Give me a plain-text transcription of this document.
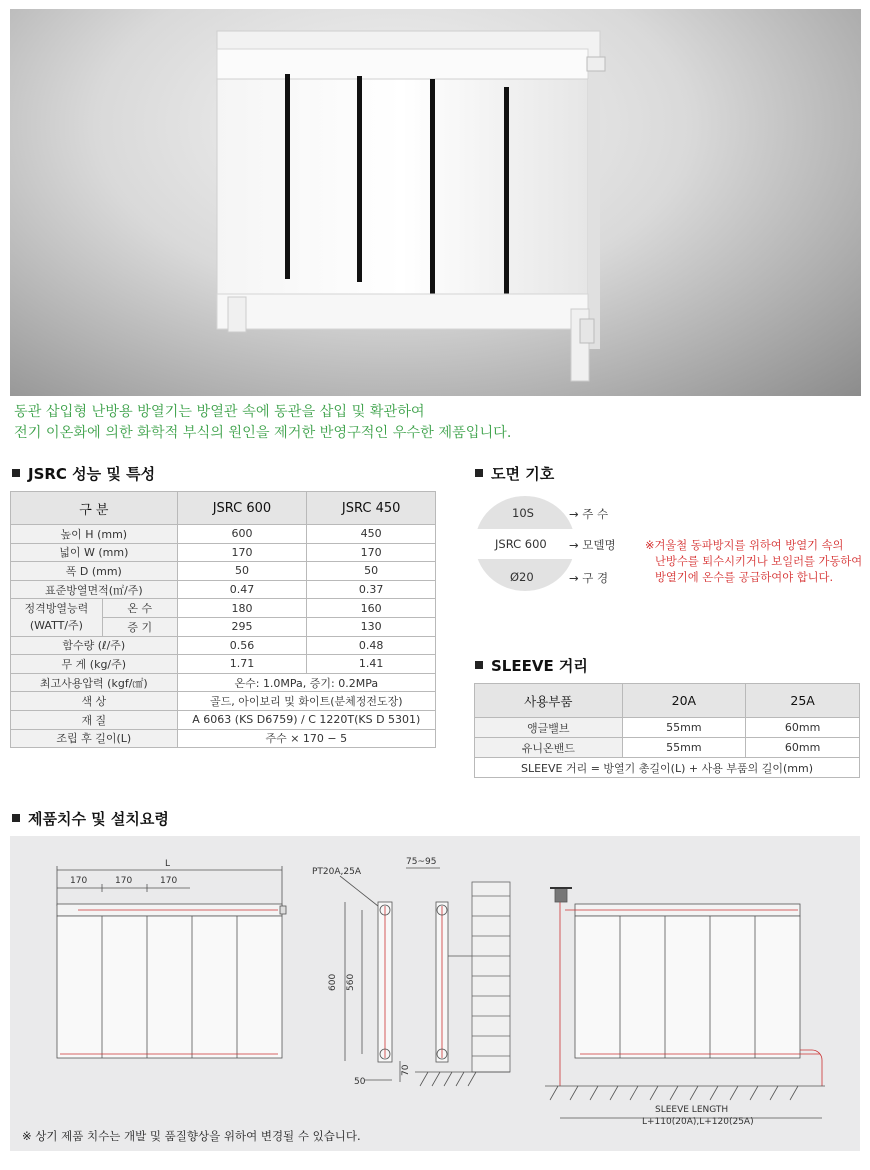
동관 삽입형 난방용 방열기는 방열관 속에 동관을 삽입 및 확관하여
전기 이온화에 의한 화학적 부식의 원인을 제거한 반영구적인 우수한 제품입니다.
JSRC 성능 및 특성
구 분		JSRC 600	JSRC 450
높이 H (mm)		600	450
넓이 W (mm)		170	170
폭 D (mm)		50	50
표준방열면적(㎡/주)		0.47	0.37

정격방열능력
(WATT/주)	온 수	180	160
	증 기	295	130
함수량 (ℓ/주)		0.56	0.48
무 게 (kg/주)		1.71	1.41
최고사용압력 (kgf/㎠)		온수: 1.0MPa, 증기: 0.2MPa	
색 상		골드, 아이보리 및 화이트(분체정전도장)	
재 질		A 6063 (KS D6759) / C 1220T(KS D 5301)	
조립 후 길이(L)		주수 × 170 − 5	
도면 기호
10S
JSRC 600
Ø20
→ 주 수
→ 모델명
→ 구 경
※겨울철 동파방지를 위하여 방열기 속의
난방수를 퇴수시키거나 보일러를 가동하여
방열기에 온수를 공급하여야 합니다.
SLEEVE 거리
사용부품	20A	25A
앵글밸브	55mm	60mm
유니온밴드	55mm	60mm
SLEEVE 거리 = 방열기 총길이(L) + 사용 부품의 길이(mm)		
제품치수 및 설치요령
L
170	170	170
PT20A,25A
600 560
50
70
75~95
SLEEVE LENGTH
L+110(20A),L+120(25A)
※ 상기 제품 치수는 개발 및 품질향상을 위하여 변경될 수 있습니다.
